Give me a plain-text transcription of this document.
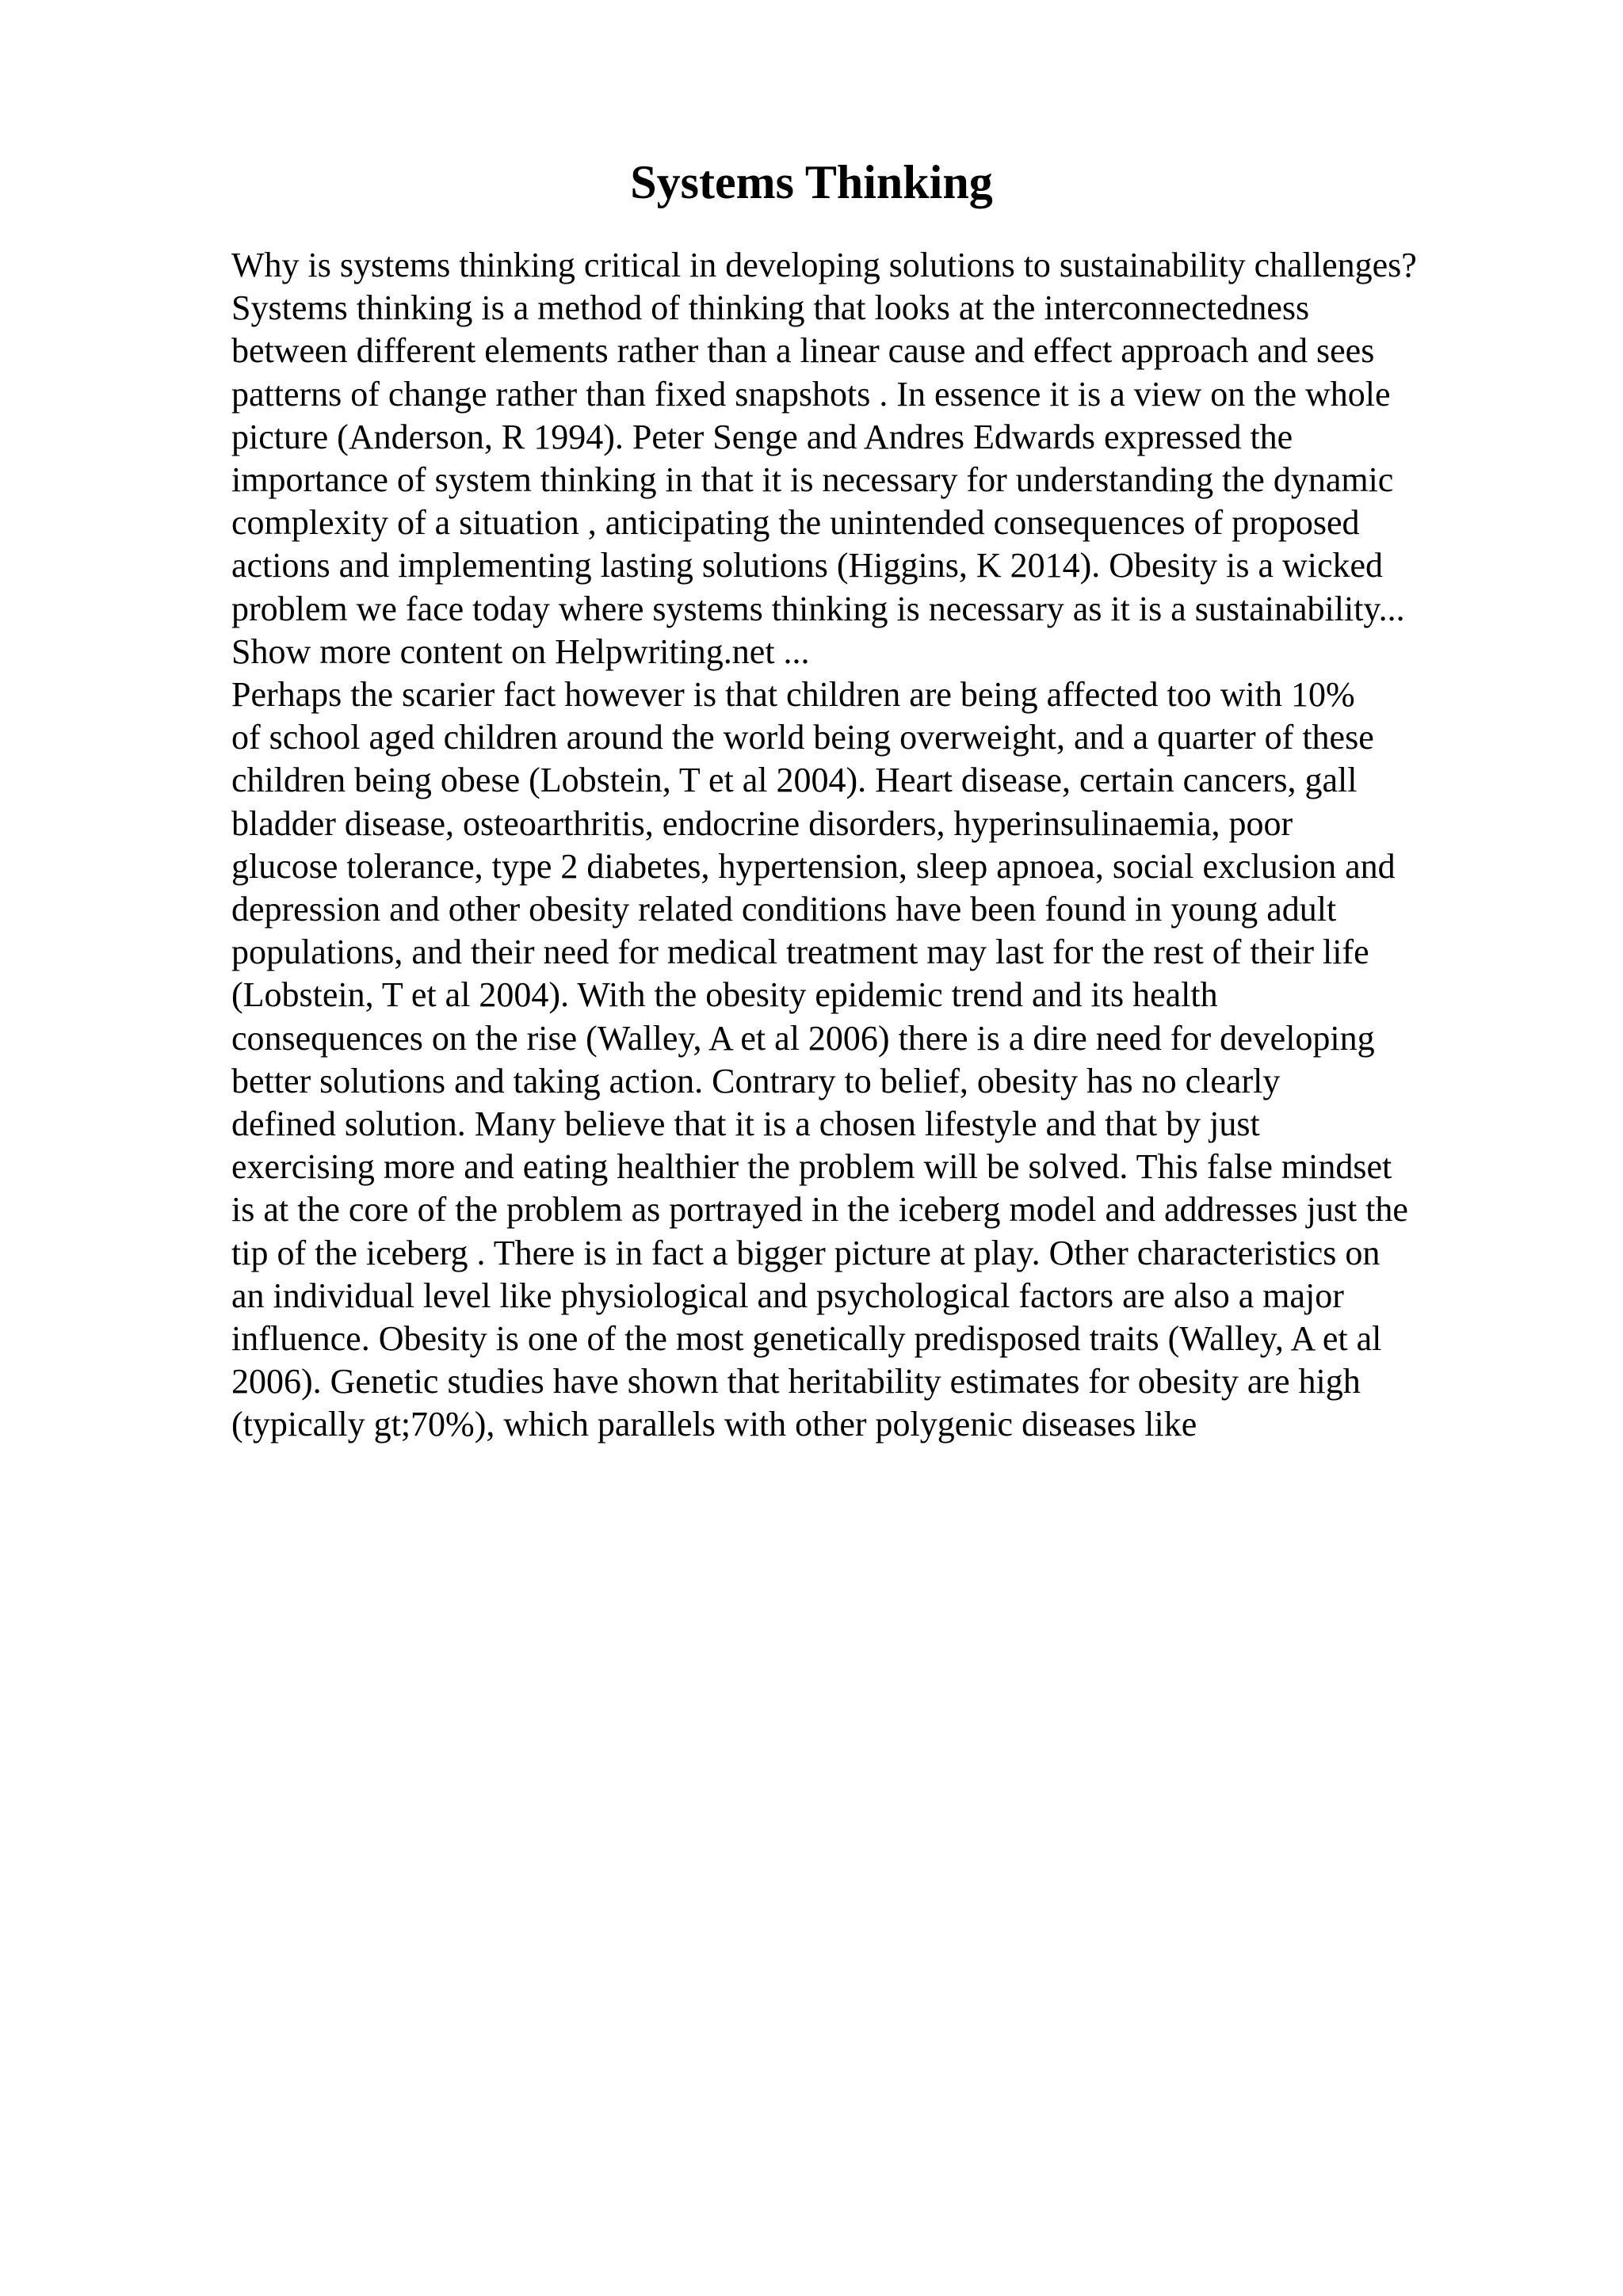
Systems Thinking
Why is systems thinking critical in developing solutions to sustainability challenges?
Systems thinking is a method of thinking that looks at the interconnectedness
between different elements rather than a linear cause and effect approach and sees
patterns of change rather than fixed snapshots . In essence it is a view on the whole
picture (Anderson, R 1994). Peter Senge and Andres Edwards expressed the
importance of system thinking in that it is necessary for understanding the dynamic
complexity of a situation , anticipating the unintended consequences of proposed
actions and implementing lasting solutions (Higgins, K 2014). Obesity is a wicked
problem we face today where systems thinking is necessary as it is a sustainability...
Show more content on Helpwriting.net ...
Perhaps the scarier fact however is that children are being affected too with 10%
of school aged children around the world being overweight, and a quarter of these
children being obese (Lobstein, T et al 2004). Heart disease, certain cancers, gall
bladder disease, osteoarthritis, endocrine disorders, hyperinsulinaemia, poor
glucose tolerance, type 2 diabetes, hypertension, sleep apnoea, social exclusion and
depression and other obesity related conditions have been found in young adult
populations, and their need for medical treatment may last for the rest of their life
(Lobstein, T et al 2004). With the obesity epidemic trend and its health
consequences on the rise (Walley, A et al 2006) there is a dire need for developing
better solutions and taking action. Contrary to belief, obesity has no clearly
defined solution. Many believe that it is a chosen lifestyle and that by just
exercising more and eating healthier the problem will be solved. This false mindset
is at the core of the problem as portrayed in the iceberg model and addresses just the
tip of the iceberg . There is in fact a bigger picture at play. Other characteristics on
an individual level like physiological and psychological factors are also a major
influence. Obesity is one of the most genetically predisposed traits (Walley, A et al
2006). Genetic studies have shown that heritability estimates for obesity are high
(typically gt;70%), which parallels with other polygenic diseases like
